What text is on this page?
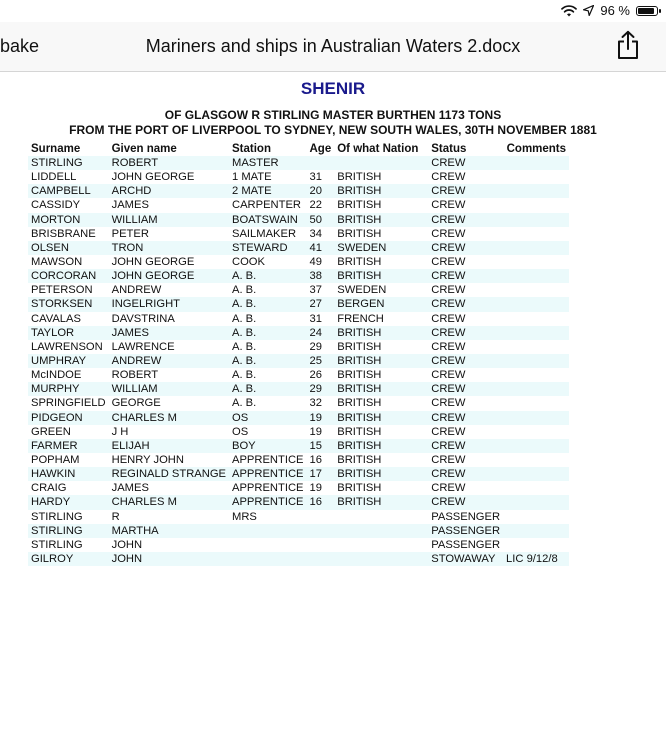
96 %
bake	Mariners and ships in Australian Waters 2.docx
SHENIR
OF GLASGOW R STIRLING MASTER BURTHEN 1173 TONS
FROM THE PORT OF LIVERPOOL TO SYDNEY, NEW SOUTH WALES, 30TH NOVEMBER 1881
Surname	Given name	Station	Age	Of what Nation	Status	Comments
STIRLING	ROBERT	MASTER			CREW	
LIDDELL	JOHN GEORGE	1 MATE	31	BRITISH	CREW	
CAMPBELL	ARCHD	2 MATE	20	BRITISH	CREW	
CASSIDY	JAMES	CARPENTER	22	BRITISH	CREW	
MORTON	WILLIAM	BOATSWAIN	50	BRITISH	CREW	
BRISBRANE	PETER	SAILMAKER	34	BRITISH	CREW	
OLSEN	TRON	STEWARD	41	SWEDEN	CREW	
MAWSON	JOHN GEORGE	COOK	49	BRITISH	CREW	
CORCORAN	JOHN GEORGE	A. B.	38	BRITISH	CREW	
PETERSON	ANDREW	A. B.	37	SWEDEN	CREW	
STORKSEN	INGELRIGHT	A. B.	27	BERGEN	CREW	
CAVALAS	DAVSTRINA	A. B.	31	FRENCH	CREW	
TAYLOR	JAMES	A. B.	24	BRITISH	CREW	
LAWRENSON	LAWRENCE	A. B.	29	BRITISH	CREW	
UMPHRAY	ANDREW	A. B.	25	BRITISH	CREW	
McINDOE	ROBERT	A. B.	26	BRITISH	CREW	
MURPHY	WILLIAM	A. B.	29	BRITISH	CREW	
SPRINGFIELD	GEORGE	A. B.	32	BRITISH	CREW	
PIDGEON	CHARLES M	OS	19	BRITISH	CREW	
GREEN	J H	OS	19	BRITISH	CREW	
FARMER	ELIJAH	BOY	15	BRITISH	CREW	
POPHAM	HENRY JOHN	APPRENTICE	16	BRITISH	CREW	
HAWKIN	REGINALD STRANGE	APPRENTICE	17	BRITISH	CREW	
CRAIG	JAMES	APPRENTICE	19	BRITISH	CREW	
HARDY	CHARLES M	APPRENTICE	16	BRITISH	CREW	
STIRLING	R	MRS			PASSENGER	
STIRLING	MARTHA				PASSENGER	
STIRLING	JOHN				PASSENGER	
GILROY	JOHN				STOWAWAY	LIC 9/12/8
